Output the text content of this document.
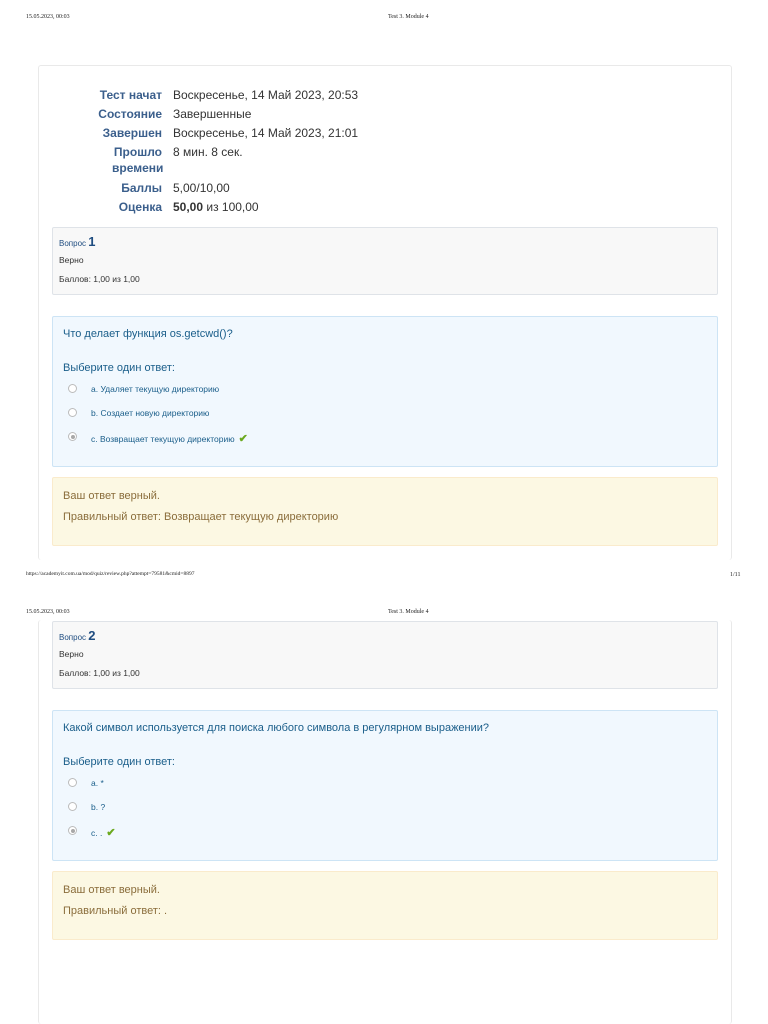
15.05.2023, 00:03	Test 3. Module 4
Тест начат Воскресенье, 14 Май 2023, 20:53
Состояние Завершенные
Завершен Воскресенье, 14 Май 2023, 21:01
Прошло времени
8 мин. 8 сек.
Баллы 5,00/10,00
Оценка 50,00 из 100,00
Вопрос 1
Верно
Баллов: 1,00 из 1,00
Что делает функция os.getcwd()?
Выберите один ответ:
a. Удаляет текущую директорию
b. Создает новую директорию
c. Возвращает текущую директорию ✔
Ваш ответ верный.
Правильный ответ: Возвращает текущую директорию
https://academyit.com.ua/mod/quiz/review.php?attempt=79581&cmid=8897	1/11
15.05.2023, 00:03	Test 3. Module 4
Вопрос 2
Верно
Баллов: 1,00 из 1,00
Какой символ используется для поиска любого символа в регулярном выражении?
Выберите один ответ:
a. *
b. ?
c. . ✔
Ваш ответ верный.
Правильный ответ: .
